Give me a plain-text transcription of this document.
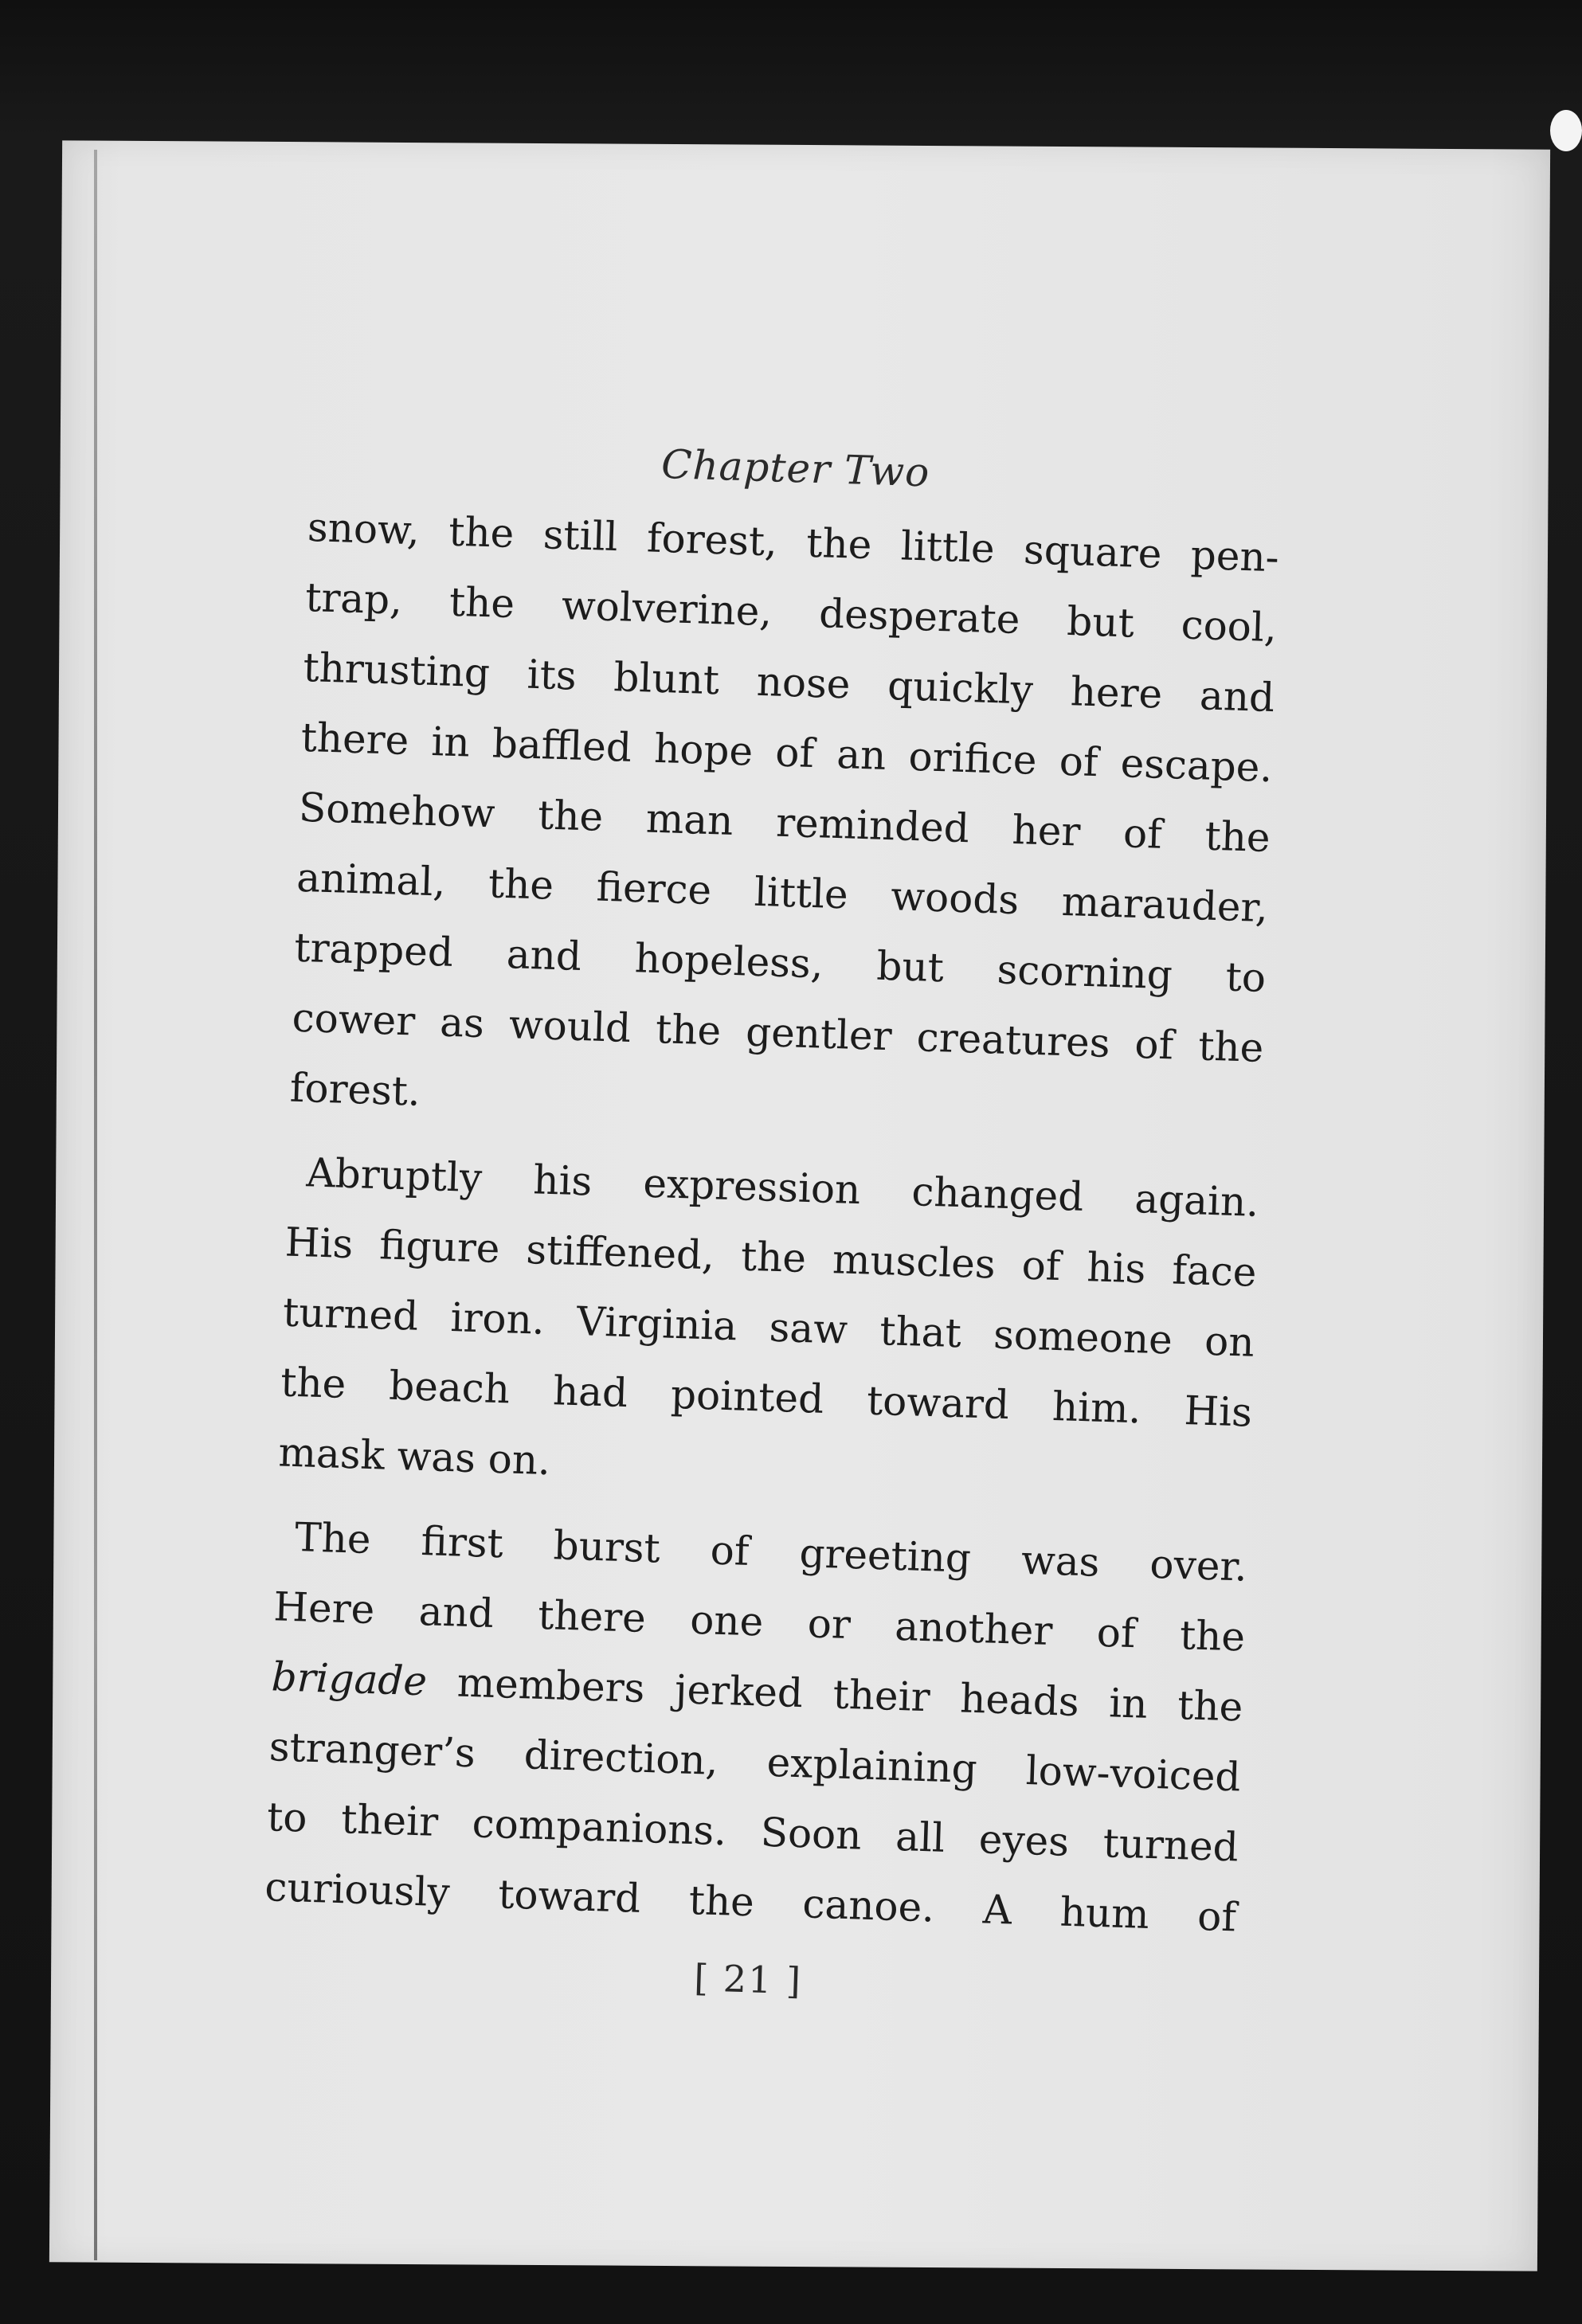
Chapter Two
snow, the still forest, the little square pen-
trap, the wolverine, desperate but cool,
thrusting its blunt nose quickly here and
there in baffled hope of an orifice of escape.
Somehow the man reminded her of the
animal, the fierce little woods marauder,
trapped and hopeless, but scorning to
cower as would the gentler creatures of the
forest.
Abruptly his expression changed again.
His figure stiffened, the muscles of his face
turned iron. Virginia saw that someone on
the beach had pointed toward him. His
mask was on.
The first burst of greeting was over.
Here and there one or another of the
brigade members jerked their heads in the
stranger’s direction, explaining low-voiced
to their companions. Soon all eyes turned
curiously toward the canoe. A hum of
[ 21 ]
